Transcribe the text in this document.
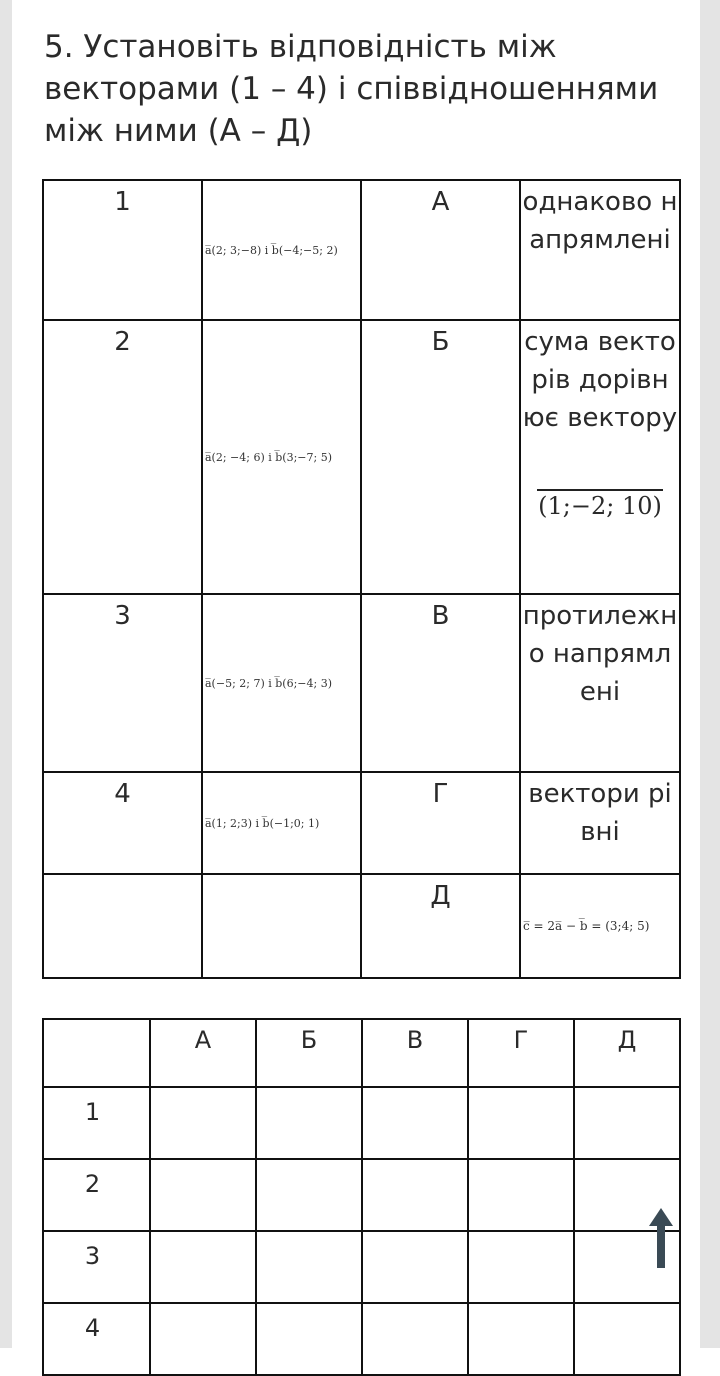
5. Установіть відповідність між векторами (1 – 4) і співвідношеннями між ними (А – Д)
1	a̅(2; 3;−8) і b̅(−4;−5; 2)	А	однаково напрямлені
2	a̅(2; −4; 6) і b̅(3;−7; 5)	Б	сума векторів дорівнює вектору
(1;−2; 10)
3	a̅(−5; 2; 7) і b̅(6;−4; 3)	В	протилежно напрямлені
4	a̅(1; 2;3) і b̅(−1;0; 1)	Г	вектори рівні
		Д	c̅ = 2a̅ − b̅ = (3;4; 5)
	А	Б	В	Г	Д
1					
2					
3					
4					
